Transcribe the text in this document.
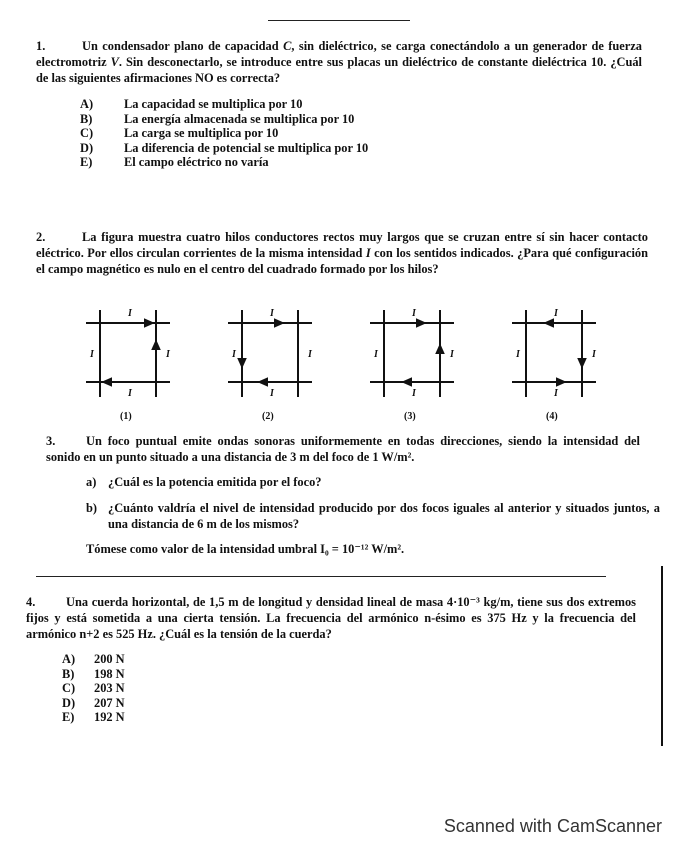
1.	Un condensador plano de capacidad C, sin dieléctrico, se carga conectándolo a un generador de fuerza electromotriz V. Sin desconectarlo, se introduce entre sus placas un dieléctrico de constante dieléctrica 10. ¿Cuál de las siguientes afirmaciones NO es correcta?
A) La capacidad se multiplica por 10
B)	La energía almacenada se multiplica por 10
C) La carga se multiplica por 10
D) La diferencia de potencial se multiplica por 10
E)	El campo eléctrico no varía
2.	La figura muestra cuatro hilos conductores rectos muy largos que se cruzan entre sí sin hacer contacto eléctrico. Por ellos circulan corrientes de la misma intensidad I con los sentidos indicados. ¿Para qué configuración el campo magnético es nulo en el centro del cuadrado formado por los hilos?
I
I	I
I
I
I	I
I
I
I	I
I
I
I	I
I
(1)	(2)	(3)	(4)
3. Un foco puntual emite ondas sonoras uniformemente en todas direcciones, siendo la intensidad del sonido en un punto situado a una distancia de 3 m del foco de 1 W/m².
a) ¿Cuál es la potencia emitida por el foco?
b) ¿Cuánto valdría el nivel de intensidad producido por dos focos iguales al anterior y situados juntos, a una distancia de 6 m de los mismos?
Tómese como valor de la intensidad umbral I₀ = 10⁻¹² W/m².
4. Una cuerda horizontal, de 1,5 m de longitud y densidad lineal de masa 4·10⁻³ kg/m, tiene sus dos extremos fijos y está sometida a una cierta tensión. La frecuencia del armónico n-ésimo es 375 Hz y la frecuencia del armónico n+2 es 525 Hz. ¿Cuál es la tensión de la cuerda?
A) 200 N
B) 198 N
C) 203 N
D) 207 N
E) 192 N
Scanned with CamScanner
